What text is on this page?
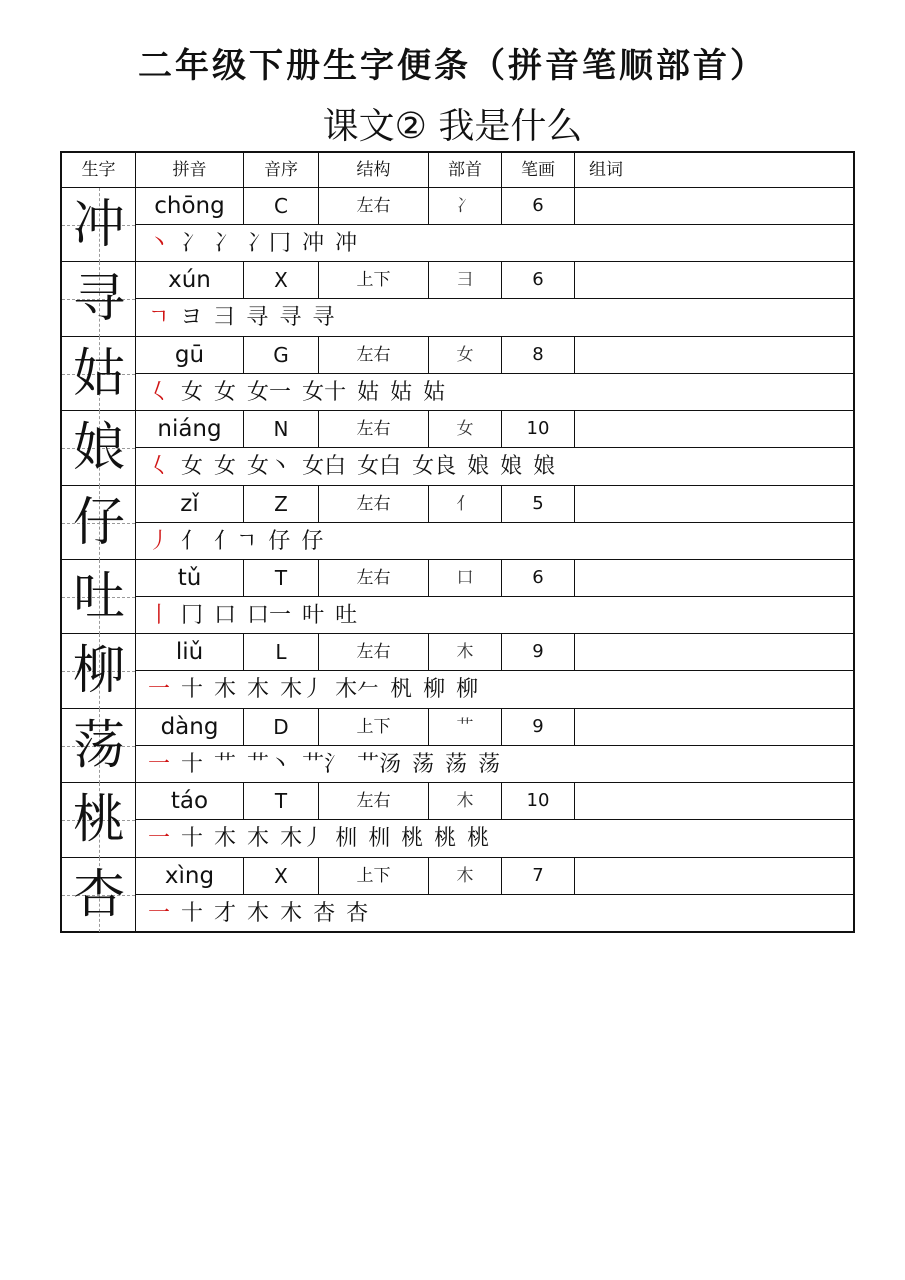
二年级下册生字便条（拼音笔顺部首）
课文② 我是什么
生字	拼音	音序	结构	部首	笔画	组词
冲	chōng	C	左右	冫	6
丶 冫 冫 冫冂 冲 冲
寻	xún	X	上下	彐	6
ㄱ ヨ 彐 寻 寻 寻
姑	gū	G	左右	女	8
𡿨 女 女 女一 女十 姑 姑 姑
娘	niáng	N	左右	女	10
𡿨 女 女 女丶 女白 女白 女良 娘 娘 娘
仔	zǐ	Z	左右	亻	5
丿 亻 亻ㄱ 仔 仔
吐	tǔ	T	左右	口	6
丨 冂 口 口一 叶 吐
柳	liǔ	L	左右	木	9
一 十 木 木 木丿 木𠂉 杋 柳 柳
荡	dàng	D	上下	艹	9
一 十 艹 艹丶 艹氵 艹汤 荡 荡 荡
桃	táo	T	左右	木	10
一 十 木 木 木丿 杊 杊 桃 桃 桃
杏	xìng	X	上下	木	7
一 十 才 木 木 杏 杏
